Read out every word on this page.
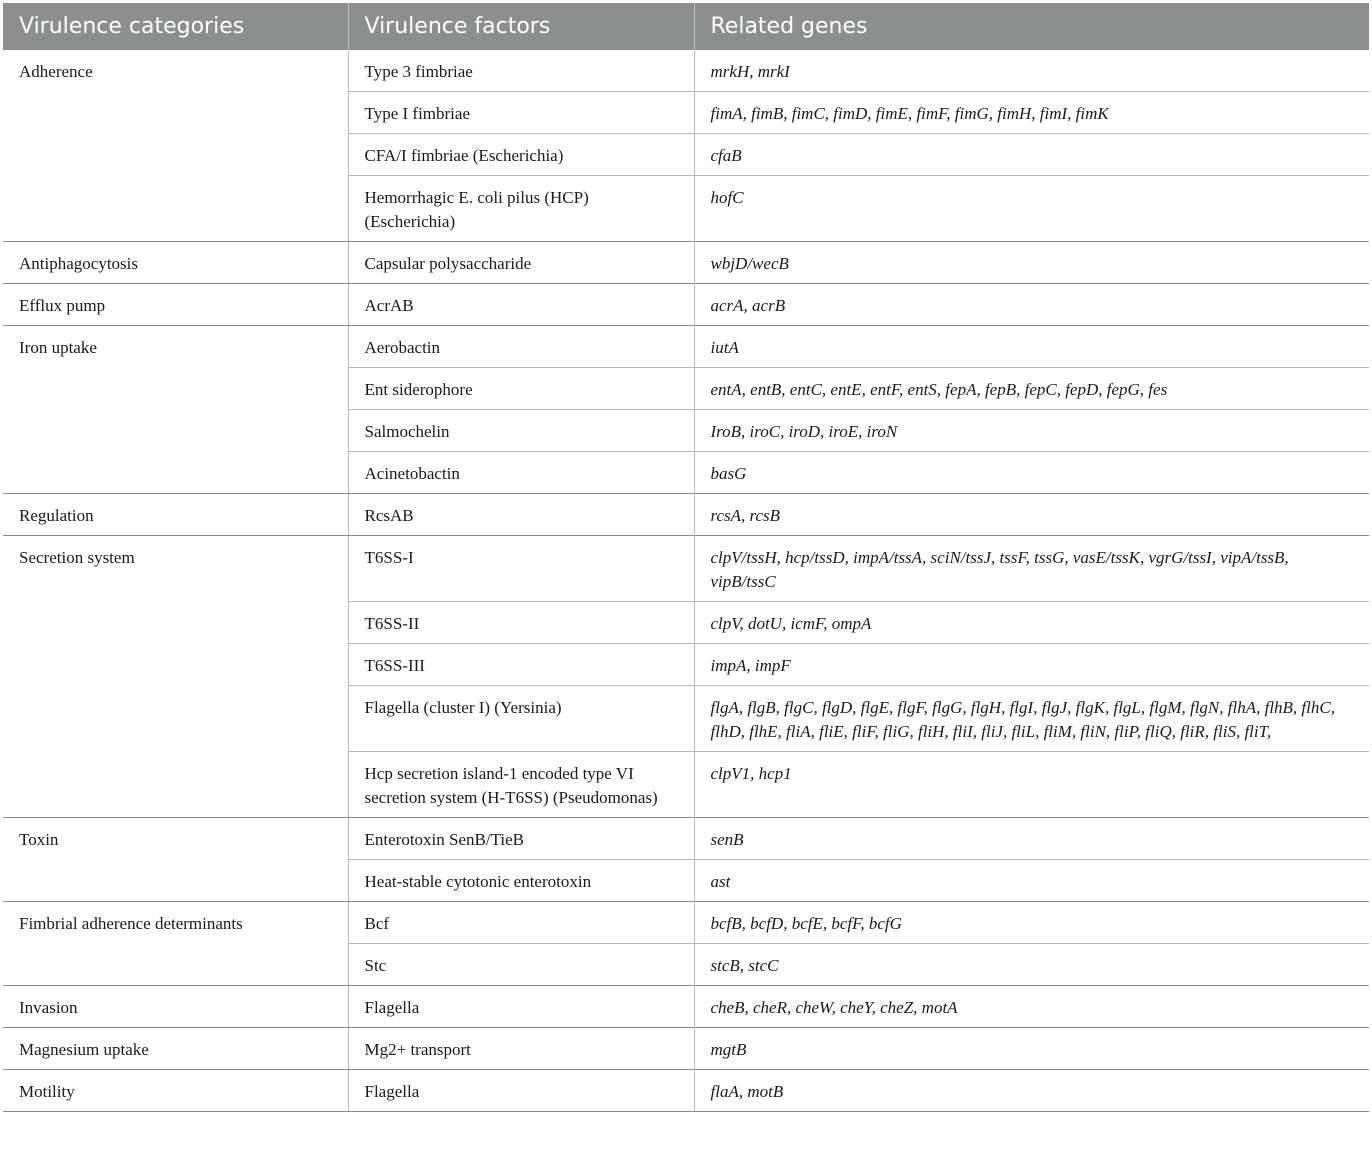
Virulence categories	Virulence factors	Related genes
Adherence	Type 3 fimbriae	mrkH, mrkI
	Type I fimbriae	fimA, fimB, fimC, fimD, fimE, fimF, fimG, fimH, fimI, fimK
	CFA/I fimbriae (Escherichia)	cfaB
	Hemorrhagic E. coli pilus (HCP) (Escherichia)	hofC
Antiphagocytosis	Capsular polysaccharide	wbjD/wecB
Efflux pump	AcrAB	acrA, acrB
Iron uptake	Aerobactin	iutA
	Ent siderophore	entA, entB, entC, entE, entF, entS, fepA, fepB, fepC, fepD, fepG, fes
	Salmochelin	IroB, iroC, iroD, iroE, iroN
	Acinetobactin	basG
Regulation	RcsAB	rcsA, rcsB
Secretion system	T6SS-I	clpV/tssH, hcp/tssD, impA/tssA, sciN/tssJ, tssF, tssG, vasE/tssK, vgrG/tssI, vipA/tssB, vipB/tssC
	T6SS-II	clpV, dotU, icmF, ompA
	T6SS-III	impA, impF
	Flagella (cluster I) (Yersinia)	flgA, flgB, flgC, flgD, flgE, flgF, flgG, flgH, flgI, flgJ, flgK, flgL, flgM, flgN, flhA, flhB, flhC, flhD, flhE, fliA, fliE, fliF, fliG, fliH, fliI, fliJ, fliL, fliM, fliN, fliP, fliQ, fliR, fliS, fliT,
	Hcp secretion island-1 encoded type VI secretion system (H-T6SS) (Pseudomonas)	clpV1, hcp1
Toxin	Enterotoxin SenB/TieB	senB
	Heat-stable cytotonic enterotoxin	ast
Fimbrial adherence determinants	Bcf	bcfB, bcfD, bcfE, bcfF, bcfG
	Stc	stcB, stcC
Invasion	Flagella	cheB, cheR, cheW, cheY, cheZ, motA
Magnesium uptake	Mg2+ transport	mgtB
Motility	Flagella	flaA, motB
